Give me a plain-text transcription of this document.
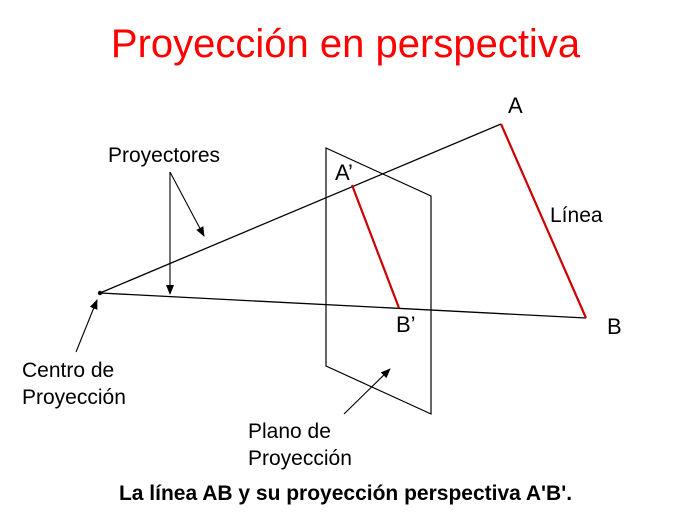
Proyección en perspectiva
A
B
A’
B’
Línea
Proyectores
Centro de
Proyección
Plano de
Proyección
La línea AB y su proyección perspectiva A'B'.
